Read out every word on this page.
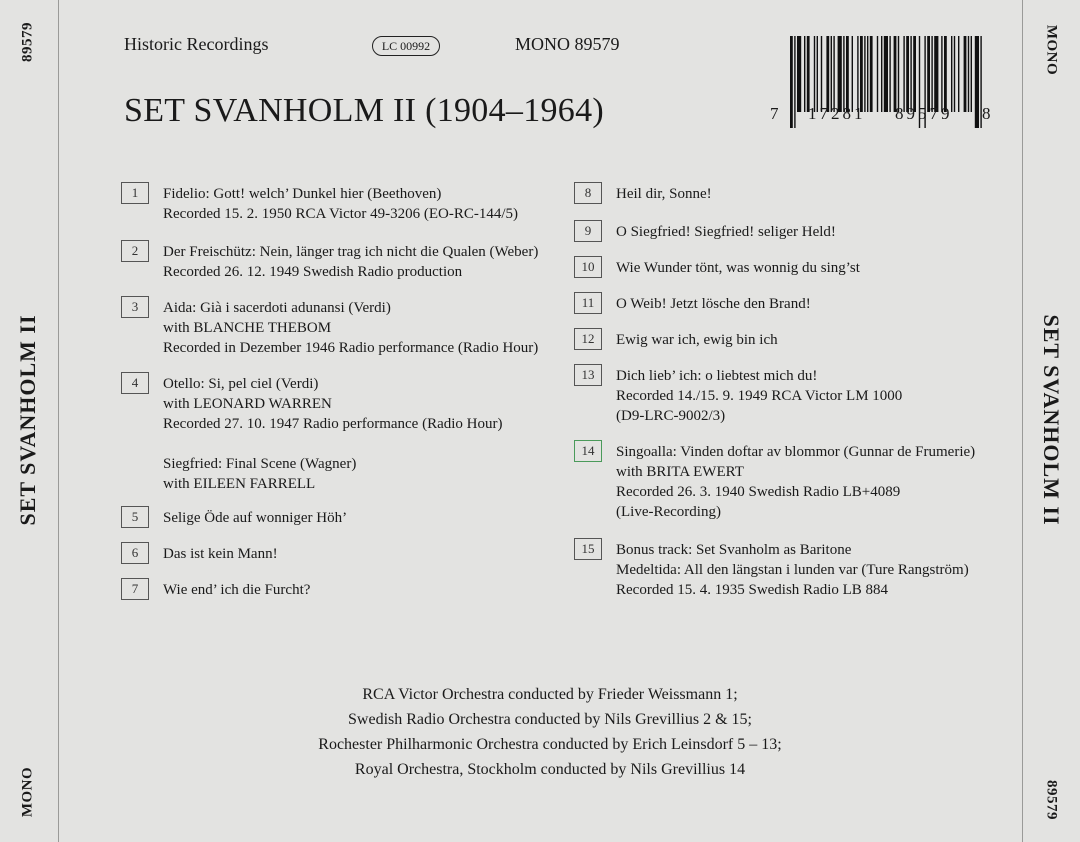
89579
SET SVANHOLM II
MONO
MONO
SET SVANHOLM II
89579
Historic Recordings	LC 00992	MONO 89579
SET SVANHOLM II (1904–1964)	7 17281 89579 8
1	Fidelio: Gott! welch’ Dunkel hier (Beethoven)
Recorded 15. 2. 1950 RCA Victor 49-3206 (EO-RC-144/5)
2	Der Freischütz: Nein, länger trag ich nicht die Qualen (Weber)
Recorded 26. 12. 1949 Swedish Radio production
3	Aida: Già i sacerdoti adunansi (Verdi)
with BLANCHE THEBOM
Recorded in Dezember 1946 Radio performance (Radio Hour)
4	Otello: Si, pel ciel (Verdi)
with LEONARD WARREN
Recorded 27. 10. 1947 Radio performance (Radio Hour)
Siegfried: Final Scene (Wagner)
with EILEEN FARRELL
5	Selige Öde auf wonniger Höh’
6	Das ist kein Mann!
7	Wie end’ ich die Furcht?
8	Heil dir, Sonne!
9	O Siegfried! Siegfried! seliger Held!
10	Wie Wunder tönt, was wonnig du sing’st
11	O Weib! Jetzt lösche den Brand!
12	Ewig war ich, ewig bin ich
13	Dich lieb’ ich: o liebtest mich du!
Recorded 14./15. 9. 1949 RCA Victor LM 1000
(D9-LRC-9002/3)
14	Singoalla: Vinden doftar av blommor (Gunnar de Frumerie)
with BRITA EWERT
Recorded 26. 3. 1940 Swedish Radio LB+4089
(Live-Recording)
15	Bonus track: Set Svanholm as Baritone
Medeltida: All den längstan i lunden var (Ture Rangström)
Recorded 15. 4. 1935 Swedish Radio LB 884
RCA Victor Orchestra conducted by Frieder Weissmann 1;
Swedish Radio Orchestra conducted by Nils Grevillius 2 & 15;
Rochester Philharmonic Orchestra conducted by Erich Leinsdorf 5 – 13;
Royal Orchestra, Stockholm conducted by Nils Grevillius 14
